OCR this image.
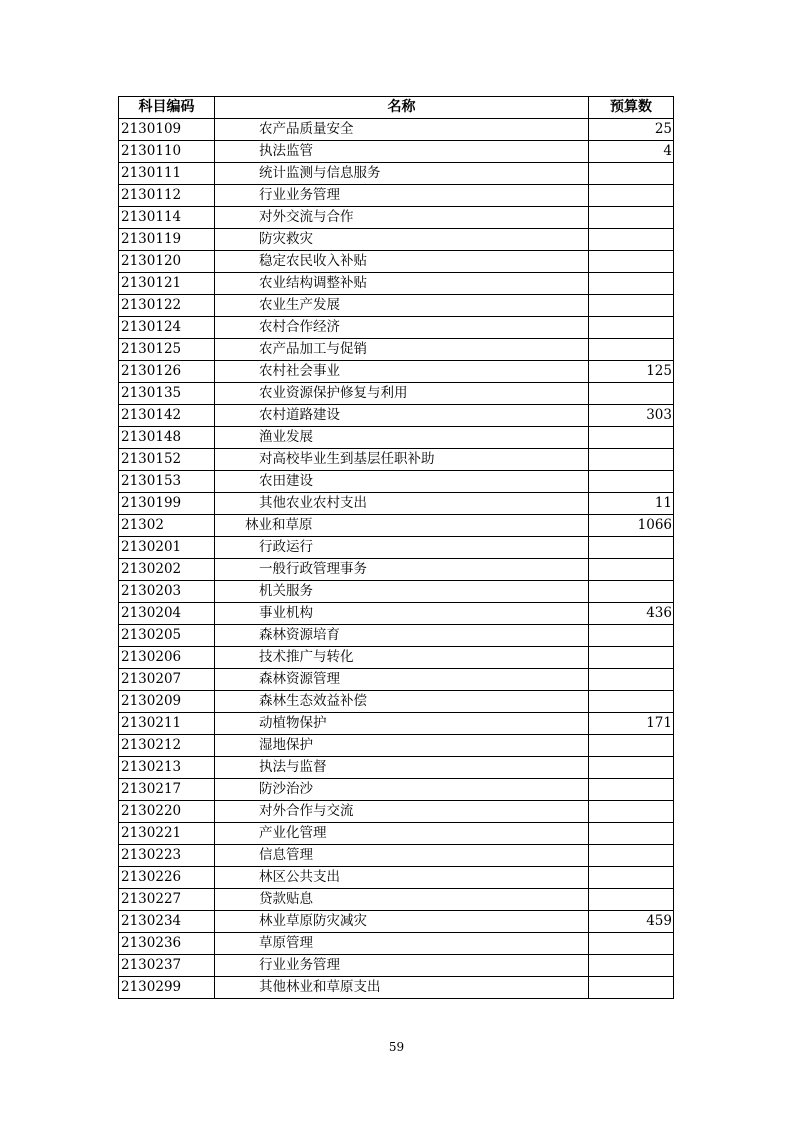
科目编码	名称	预算数
2130109	农产品质量安全	25
2130110	执法监管	4
2130111	统计监测与信息服务	
2130112	行业业务管理	
2130114	对外交流与合作	
2130119	防灾救灾	
2130120	稳定农民收入补贴	
2130121	农业结构调整补贴	
2130122	农业生产发展	
2130124	农村合作经济	
2130125	农产品加工与促销	
2130126	农村社会事业	125
2130135	农业资源保护修复与利用	
2130142	农村道路建设	303
2130148	渔业发展	
2130152	对高校毕业生到基层任职补助	
2130153	农田建设	
2130199	其他农业农村支出	11
21302	林业和草原	1066
2130201	行政运行	
2130202	一般行政管理事务	
2130203	机关服务	
2130204	事业机构	436
2130205	森林资源培育	
2130206	技术推广与转化	
2130207	森林资源管理	
2130209	森林生态效益补偿	
2130211	动植物保护	171
2130212	湿地保护	
2130213	执法与监督	
2130217	防沙治沙	
2130220	对外合作与交流	
2130221	产业化管理	
2130223	信息管理	
2130226	林区公共支出	
2130227	贷款贴息	
2130234	林业草原防灾减灾	459
2130236	草原管理	
2130237	行业业务管理	
2130299	其他林业和草原支出	
59
